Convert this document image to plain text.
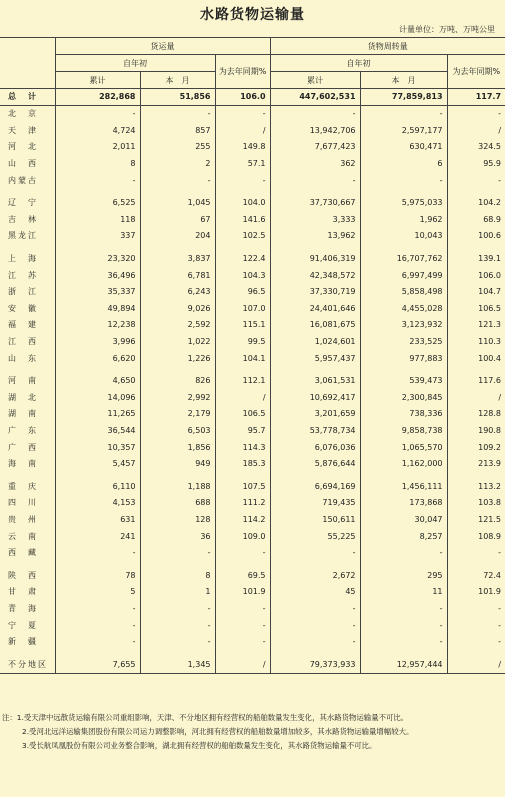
水路货物运输量
计量单位：万吨、万吨公里
	货运量			货物周转量		
	自年初		为去年同期%	自年初		为去年同期%
	累计	本　月		累计	本　月	
总　计	282,868	51,856	106.0	447,602,531	77,859,813	117.7
北　京	-	-	-	-	-	-
天　津	4,724	857	/	13,942,706	2,597,177	/
河　北	2,011	255	149.8	7,677,423	630,471	324.5
山　西	8	2	57.1	362	6	95.9
内蒙古	-	-	-	-	-	-

辽　宁	6,525	1,045	104.0	37,730,667	5,975,033	104.2
吉　林	118	67	141.6	3,333	1,962	68.9
黑龙江	337	204	102.5	13,962	10,043	100.6

上　海	23,320	3,837	122.4	91,406,319	16,707,762	139.1
江　苏	36,496	6,781	104.3	42,348,572	6,997,499	106.0
浙　江	35,337	6,243	96.5	37,330,719	5,858,498	104.7
安　徽	49,894	9,026	107.0	24,401,646	4,455,028	106.5
福　建	12,238	2,592	115.1	16,081,675	3,123,932	121.3
江　西	3,996	1,022	99.5	1,024,601	233,525	110.3
山　东	6,620	1,226	104.1	5,957,437	977,883	100.4

河　南	4,650	826	112.1	3,061,531	539,473	117.6
湖　北	14,096	2,992	/	10,692,417	2,300,845	/
湖　南	11,265	2,179	106.5	3,201,659	738,336	128.8
广　东	36,544	6,503	95.7	53,778,734	9,858,738	190.8
广　西	10,357	1,856	114.3	6,076,036	1,065,570	109.2
海　南	5,457	949	185.3	5,876,644	1,162,000	213.9

重　庆	6,110	1,188	107.5	6,694,169	1,456,111	113.2
四　川	4,153	688	111.2	719,435	173,868	103.8
贵　州	631	128	114.2	150,611	30,047	121.5
云　南	241	36	109.0	55,225	8,257	108.9
西　藏	-	-	-	-	-	-

陕　西	78	8	69.5	2,672	295	72.4
甘　肃	5	1	101.9	45	11	101.9
青　海	-	-	-	-	-	-
宁　夏	-	-	-	-	-	-
新　疆	-	-	-	-	-	-

不分地区	7,655	1,345	/	79,373,933	12,957,444	/
注：1.受天津中远散货运输有限公司重组影响，天津、不分地区拥有经营权的船舶数量发生变化，其水路货物运输量不可比。
2.受河北远洋运输集团股份有限公司运力调整影响，河北拥有经营权的船舶数量增加较多，其水路货物运输量增幅较大。
3.受长航凤凰股份有限公司业务整合影响，湖北拥有经营权的船舶数量发生变化，其水路货物运输量不可比。
